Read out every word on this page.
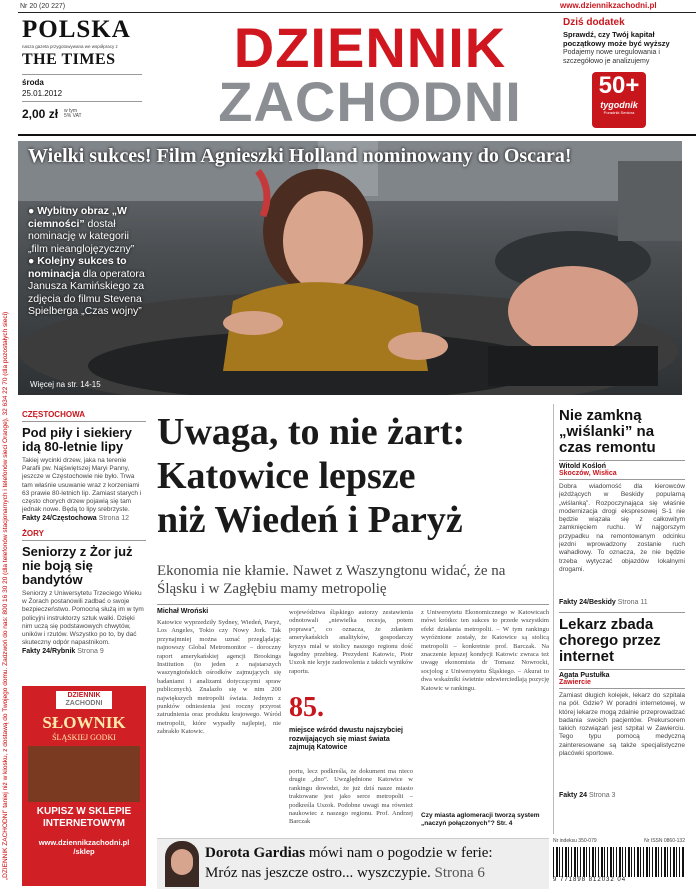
„DZIENNIK ZACHODNI” taniej niż w kiosku, z dostawą do Twojego domu. Zadzwoń do nas: 800 16 30 20 (dla telefonów stacjonarnych i telefonów sieci Orange), 32 634 22 70 (dla pozostałych sieci)
Nr 20 (20 227)	www.dziennikzachodni.pl
POLSKA
nasza gazeta przygotowywana we współpracy z
THE TIMES
środa
25.01.2012
2,00 zł w tym 5% VAT
DZIENNIK
ZACHODNI
Dziś dodatek
Sprawdź, czy Twój kapitał początkowy może być wyższy
Podajemy nowe uregulowania i szczegółowo je analizujemy
50+
tygodnik
Poradnik Seniora
Wielki sukces! Film Agnieszki Holland nominowany do Oscara!
● Wybitny obraz „W ciemności” dostał nominację w kategorii „film nieanglojęzyczny”
● Kolejny sukces to nominacja dla operatora Janusza Kamińskiego za zdjęcia do filmu Stevena Spielberga „Czas wojny”
Więcej na str. 14-15
CZĘSTOCHOWA
Pod piły i siekiery idą 80-letnie lipy
Takiej wycinki drzew, jaka na terenie Parafii pw. Najświętszej Maryi Panny, jeszcze w Częstochowie nie było. Trwa tam właśnie usuwanie wraz z korzeniami 63 prawie 80-letnich lip. Zamiast starych i często chorych drzew pojawią się tam jednak nowe. Będą to lipy srebrzyste.
Fakty 24/Częstochowa Strona 12
ŻORY
Seniorzy z Żor już nie boją się bandytów
Seniorzy z Uniwersytetu Trzeciego Wieku w Żorach postanowili zadbać o swoje bezpieczeństwo. Pomocną służą im w tym policyjni instruktorzy sztuk walki. Dzięki nim uczą się podstawowych chwytów, uników i rzutów. Wszystko po to, by dać skuteczny odpór napastnikom.
Fakty 24/Rybnik Strona 9
DZIENNIK
ZACHODNI
SŁOWNIK
ŚLĄSKIEJ GODKI
KUPISZ W SKLEPIE
INTERNETOWYM
www.dziennikzachodni.pl
/sklep
Uwaga, to nie żart:
Katowice lepsze
niż Wiedeń i Paryż
Ekonomia nie kłamie. Nawet z Waszyngtonu widać, że na Śląsku i w Zagłębiu mamy metropolię
Michał Wroński
Katowice wyprzedziły Sydney, Wiedeń, Paryż, Los Angeles, Tokio czy Nowy Jork. Tak przynajmniej można uznać przeglądając najnowszy Global Metromonitor – doroczny raport amerykańskiej agencji Brookings Institution (to jeden z najstarszych waszyngtońskich ośrodków zajmujących się badaniami i analizami dotyczącymi spraw publicznych). Znalazło się w nim 200 największych metropolii świata. Jednym z punktów odniesienia jest roczny przyrost zatrudnienia oraz produktu krajowego. Wśród metropolii, które wypadły najlepiej, nie zabrakło Katowic.
województwa śląskiego autorzy zestawienia odnotowali „niewielka recesja, potem poprawa”, co oznacza, że zdaniem amerykańskich analityków, gospodarczy kryzys miał w stolicy naszego regionu dość łagodny przebieg. Prezydent Katowic, Piotr Uszok nie kryje zadowolenia z takich wyników raportu.
85.
miejsce wśród dwustu najszybciej rozwijających się miast świata zajmują Katowice
portu, lecz podkreśla, że dokument ma nieco drugie „dno”. Uwzględnione Katowice w rankingu dowodzi, że już dziś nasze miasto traktowane jest jako serce metropolii – podkreśla Uszok. Podobne uwagi ma również naukowiec z naszego regionu. Prof. Andrzej Barczak
z Uniwersytetu Ekonomicznego w Katowicach mówi krótko: ten sukces to przede wszystkim efekt działania metropolii. – W tym rankingu wyróżnione zostały, że Katowice są stolicą metropolii – konkretnie prof. Barczak. Na znaczenie lepszej kondycji Katowic zwraca też uwagę ekonomista dr Tomasz Nowrocki, socjolog z Uniwersytetu Śląskiego. – Akurat to dwa wskaźniki świetnie odzwierciedlają pozycję Katowic w rankingu.
Czy miasta aglomeracji tworzą system „naczyń połączonych”? Str. 4
Nie zamkną „wiślanki” na czas remontu
Witold Kośloń
Skoczów, Wisłica
Dobra wiadomość dla kierowców jeżdżących w Beskidy popularną „wiślanką”. Rozpoczynająca się właśnie modernizacja drogi ekspresowej S-1 nie będzie wiązała się z całkowitym zamknięciem ruchu. W najgorszym przypadku na remontowanym odcinku jezdni wprowadzony zostanie ruch wahadłowy. To oznacza, że nie będzie trzeba wytyczać objazdów lokalnymi drogami.
Fakty 24/Beskidy Strona 11
Lekarz zbada chorego przez internet
Agata Pustułka
Zawiercie
Zamiast długich kolejek, lekarz do szpitala na pół. Gdzie? W poradni internetowej, w której lekarze mogą zdalnie przeprowadzać badania swoich pacjentów. Prekursorem takich rozwiązań jest szpital w Zawierciu. Tego typu pomocą medyczną zainteresowane są także specjalistyczne placówki sportowe.
Fakty 24 Strona 3
Nr indeksu 350-079	Nr ISSN 0860-132
9 771898 812032 04
Dorota Gardias mówi nam o pogodzie w ferie:
Mróz nas jeszcze ostro... wyszczypie. Strona 6
